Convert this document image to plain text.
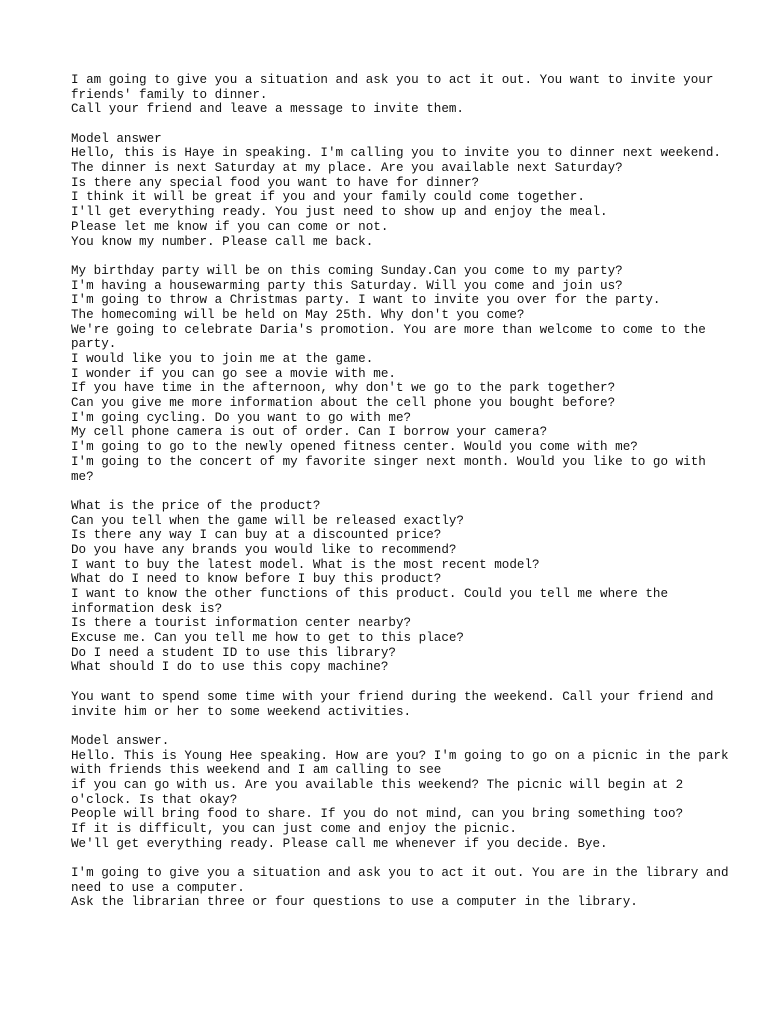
I am going to give you a situation and ask you to act it out. You want to invite your friends' family to dinner.
Call your friend and leave a message to invite them.
Model answer
Hello, this is Haye in speaking. I'm calling you to invite you to dinner next weekend.
The dinner is next Saturday at my place. Are you available next Saturday?
Is there any special food you want to have for dinner?
I think it will be great if you and your family could come together.
I'll get everything ready. You just need to show up and enjoy the meal.
Please let me know if you can come or not.
You know my number. Please call me back.
My birthday party will be on this coming Sunday.Can you come to my party?
I'm having a housewarming party this Saturday. Will you come and join us?
I'm going to throw a Christmas party. I want to invite you over for the party.
The homecoming will be held on May 25th. Why don't you come?
We're going to celebrate Daria's promotion. You are more than welcome to come to the party.
I would like you to join me at the game.
I wonder if you can go see a movie with me.
If you have time in the afternoon, why don't we go to the park together?
Can you give me more information about the cell phone you bought before?
I'm going cycling. Do you want to go with me?
My cell phone camera is out of order. Can I borrow your camera?
I'm going to go to the newly opened fitness center. Would you come with me?
I'm going to the concert of my favorite singer next month. Would you like to go with me?
What is the price of the product?
Can you tell when the game will be released exactly?
Is there any way I can buy at a discounted price?
Do you have any brands you would like to recommend?
I want to buy the latest model. What is the most recent model?
What do I need to know before I buy this product?
I want to know the other functions of this product. Could you tell me where the information desk is?
Is there a tourist information center nearby?
Excuse me. Can you tell me how to get to this place?
Do I need a student ID to use this library?
What should I do to use this copy machine?
You want to spend some time with your friend during the weekend. Call your friend and invite him or her to some weekend activities.
Model answer.
Hello. This is Young Hee speaking. How are you? I'm going to go on a picnic in the park with friends this weekend and I am calling to see
if you can go with us. Are you available this weekend? The picnic will begin at 2 o'clock. Is that okay?
People will bring food to share. If you do not mind, can you bring something too?
If it is difficult, you can just come and enjoy the picnic.
We'll get everything ready. Please call me whenever if you decide. Bye.
I'm going to give you a situation and ask you to act it out. You are in the library and need to use a computer.
Ask the librarian three or four questions to use a computer in the library.
